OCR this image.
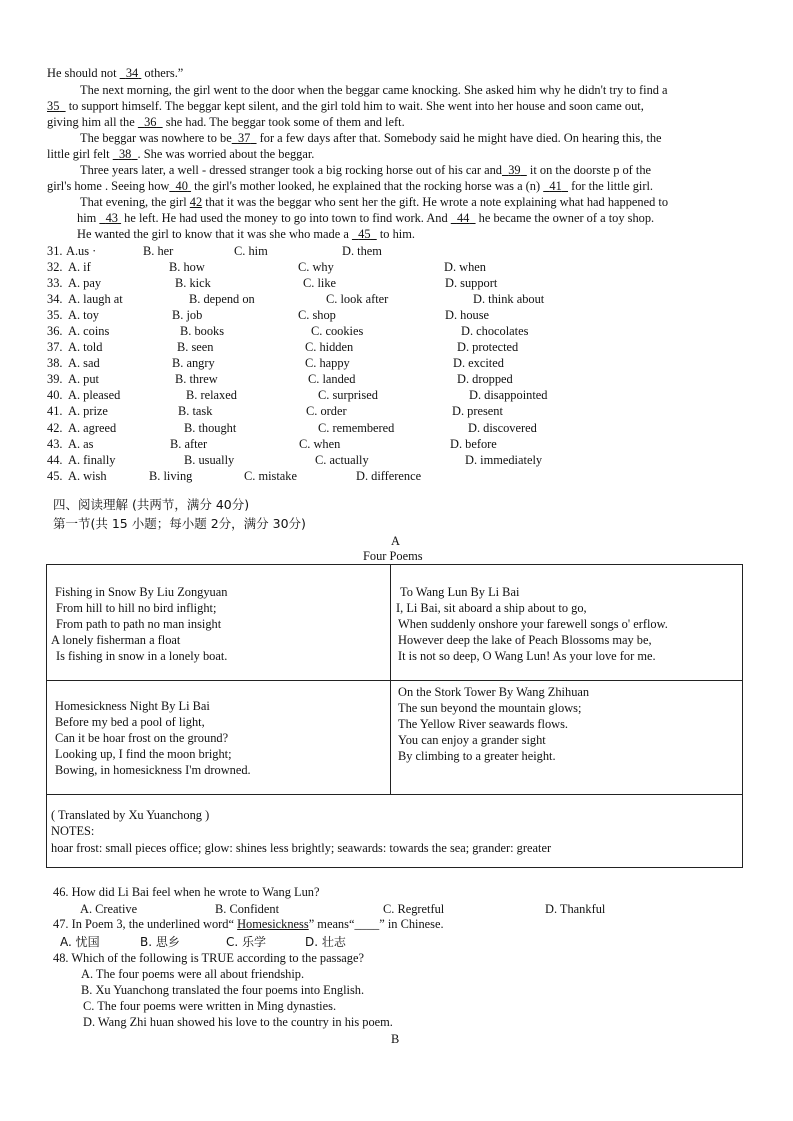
He should not   34  others.”
The next morning, the girl went to the door when the beggar came knocking. She asked him why he didn't try to find a
35   to support himself. The beggar kept silent, and the girl told him to wait. She went into her house and soon came out,
giving him all the   36   she had. The beggar took some of them and left.
The beggar was nowhere to be 37   for a few days after that. Somebody said he might have died. On hearing this, the
little girl felt   38 . She was worried about the beggar.
Three years later, a well - dressed stranger took a big rocking horse out of his car and 39   it on the doorste p of the
girl's home . Seeing how 40  the girl's mother looked, he explained that the rocking horse was a (n)   41   for the little girl.
That evening, the girl 42 that it was the beggar who sent her the gift. He wrote a note explaining what had happened to
him   43  he left. He had used the money to go into town to find work. And   44   he became the owner of a toy shop.
He wanted the girl to know that it was she who made a   45   to him.
31. A.us ·	B. her	C. him	D. them
32. A. if	B. how	C. why	D. when
33. A. pay	B. kick	C. like	D. support
34. A. laugh at	B. depend on	C. look after	D. think about
35. A. toy	B. job	C. shop	D. house
36. A. coins	B. books	C. cookies	D. chocolates
37. A. told	B. seen	C. hidden	D. protected
38. A. sad	B. angry	C. happy	D. excited
39. A. put	B. threw	C. landed	D. dropped
40. A. pleased	B. relaxed	C. surprised	D. disappointed
41. A. prize	B. task	C. order	D. present
42. A. agreed	B. thought	C. remembered	D. discovered
43. A. as	B. after	C. when	D. before
44. A. finally	B. usually	C. actually	D. immediately
45. A. wish	B. living	C. mistake	D. difference
四、阅读理解 (共两节，满分 40分)
第一节(共 15 小题；每小题 2分，满分 30分)
A
Four Poems
Fishing in Snow By Liu Zongyuan
From hill to hill no bird inflight;
From path to path no man insight
A lonely fisherman a float
Is fishing in snow in a lonely boat.
To Wang Lun By Li Bai
I, Li Bai, sit aboard a ship about to go,
When suddenly onshore your farewell songs o' erflow.
However deep the lake of Peach Blossoms may be,
It is not so deep, O Wang Lun! As your love for me.
Homesickness Night By Li Bai
Before my bed a pool of light,
Can it be hoar frost on the ground?
Looking up, I find the moon bright;
Bowing, in homesickness I'm drowned.
On the Stork Tower By Wang Zhihuan
The sun beyond the mountain glows;
The Yellow River seawards flows.
You can enjoy a grander sight
By climbing to a greater height.
( Translated by Xu Yuanchong )
NOTES:
hoar frost: small pieces office; glow: shines less brightly; seawards: towards the sea; grander: greater
46. How did Li Bai feel when he wrote to Wang Lun?
A. Creative	B. Confident	C. Regretful	D. Thankful
47. In Poem 3, the underlined word“ Homesickness” means“____” in Chinese.
A. 忧国	B. 思乡	C. 乐学	D. 壮志
48. Which of the following is TRUE according to the passage?
A. The four poems were all about friendship.
B. Xu Yuanchong translated the four poems into English.
C. The four poems were written in Ming dynasties.
D. Wang Zhi huan showed his love to the country in his poem.
B
